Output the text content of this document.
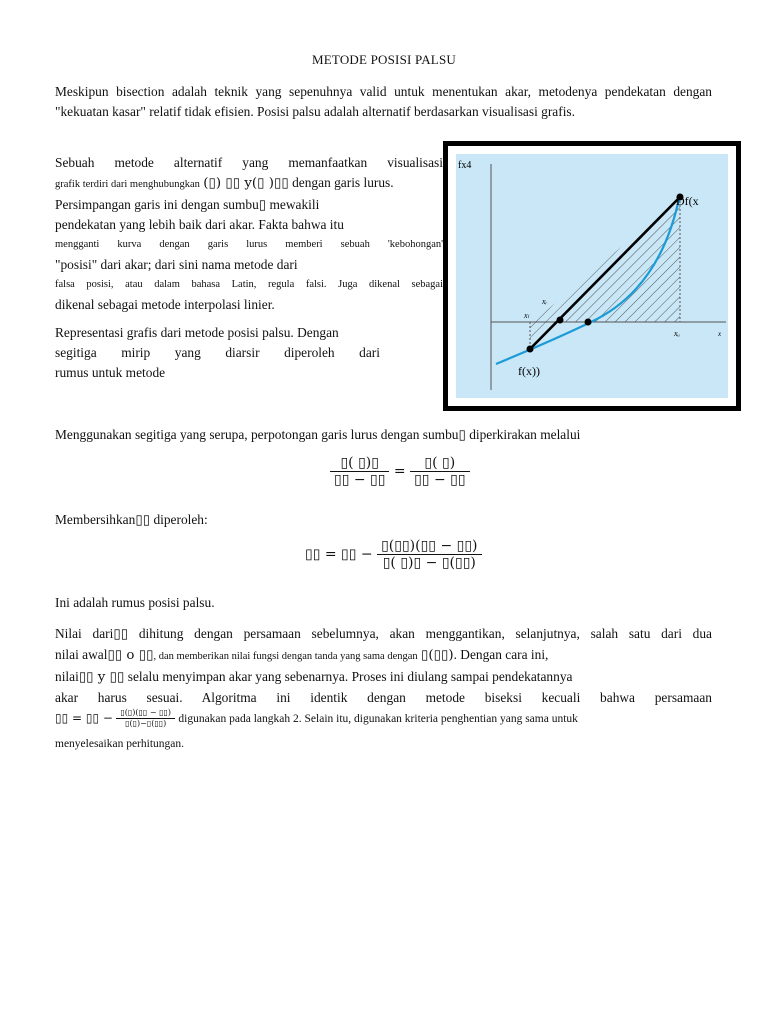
METODE POSISI PALSU
Meskipun bisection adalah teknik yang sepenuhnya valid untuk menentukan akar, metodenya pendekatan dengan "kekuatan kasar" relatif tidak efisien. Posisi palsu adalah alternatif berdasarkan visualisasi grafis.
Sebuah metode alternatif yang memanfaatkan visualisasi
grafik terdiri dari menghubungkan (▯) ▯▯ y(▯ )▯▯ dengan garis lurus.
Persimpangan garis ini dengan sumbu▯ mewakili
pendekatan yang lebih baik dari akar. Fakta bahwa itu
mengganti kurva dengan garis lurus memberi sebuah 'kebohongan'
"posisi" dari akar; dari sini nama metode dari
falsa posisi, atau dalam bahasa Latin, regula falsi. Juga dikenal sebagai
dikenal sebagai metode interpolasi linier.
Representasi grafis dari metode posisi palsu. Dengan
segitiga mirip yang diarsir diperoleh dari
rumus untuk metode
fx4
Df(x
f(x))
xᵣ
xₗ
xᵤ	x
Menggunakan segitiga yang serupa, perpotongan garis lurus dengan sumbu▯ diperkirakan melalui
$\frac{▯( ▯)▯}{▯▯ - ▯▯} = \frac{▯( ▯)}{▯▯ - ▯▯}$
Membersihkan▯▯ diperoleh:
▯▯ = ▯▯ − $\frac{▯(▯▯)(▯▯ - ▯▯)}{▯( ▯)▯ - ▯(▯▯)}$
Ini adalah rumus posisi palsu.
Nilai dari▯▯ dihitung dengan persamaan sebelumnya, akan menggantikan, selanjutnya, salah satu dari dua
nilai awal▯▯ o ▯▯, dan memberikan nilai fungsi dengan tanda yang sama dengan ▯(▯▯). Dengan cara ini,
nilai▯▯ y ▯▯ selalu menyimpan akar yang sebenarnya. Proses ini diulang sampai pendekatannya
akar harus sesuai. Algoritma ini identik dengan metode biseksi kecuali bahwa persamaan
▯▯ = ▯▯ − $\frac{▯(▯)(▯▯ - ▯▯)}{▯(▯)-▯(▯▯)}$ digunakan pada langkah 2. Selain itu, digunakan kriteria penghentian yang sama untuk
menyelesaikan perhitungan.
